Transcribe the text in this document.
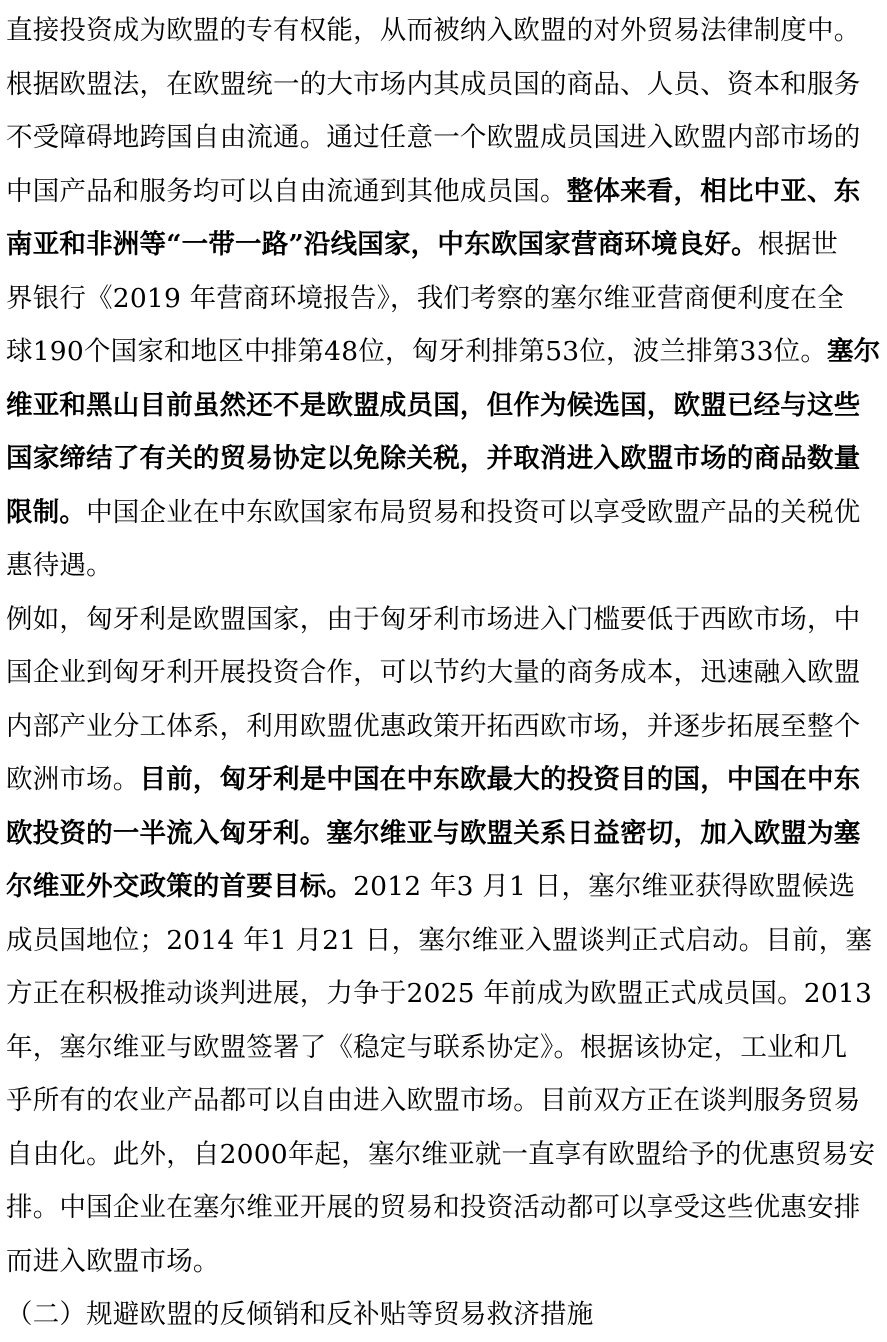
直接投资成为欧盟的专有权能，从而被纳入欧盟的对外贸易法律制度中。
根据欧盟法，在欧盟统一的大市场内其成员国的商品、人员、资本和服务
不受障碍地跨国自由流通。通过任意一个欧盟成员国进入欧盟内部市场的
中国产品和服务均可以自由流通到其他成员国。整体来看，相比中亚、东
南亚和非洲等“一带一路”沿线国家，中东欧国家营商环境良好。根据世
界银行《2019 年营商环境报告》，我们考察的塞尔维亚营商便利度在全
球190个国家和地区中排第48位，匈牙利排第53位，波兰排第33位。塞尔
维亚和黑山目前虽然还不是欧盟成员国，但作为候选国，欧盟已经与这些
国家缔结了有关的贸易协定以免除关税，并取消进入欧盟市场的商品数量
限制。中国企业在中东欧国家布局贸易和投资可以享受欧盟产品的关税优
惠待遇。
例如，匈牙利是欧盟国家，由于匈牙利市场进入门槛要低于西欧市场，中
国企业到匈牙利开展投资合作，可以节约大量的商务成本，迅速融入欧盟
内部产业分工体系，利用欧盟优惠政策开拓西欧市场，并逐步拓展至整个
欧洲市场。目前，匈牙利是中国在中东欧最大的投资目的国，中国在中东
欧投资的一半流入匈牙利。塞尔维亚与欧盟关系日益密切，加入欧盟为塞
尔维亚外交政策的首要目标。2012 年3 月1 日，塞尔维亚获得欧盟候选
成员国地位；2014 年1 月21 日，塞尔维亚入盟谈判正式启动。目前，塞
方正在积极推动谈判进展，力争于2025 年前成为欧盟正式成员国。2013
年，塞尔维亚与欧盟签署了《稳定与联系协定》。根据该协定，工业和几
乎所有的农业产品都可以自由进入欧盟市场。目前双方正在谈判服务贸易
自由化。此外，自2000年起，塞尔维亚就一直享有欧盟给予的优惠贸易安
排。中国企业在塞尔维亚开展的贸易和投资活动都可以享受这些优惠安排
而进入欧盟市场。
（二）规避欧盟的反倾销和反补贴等贸易救济措施
